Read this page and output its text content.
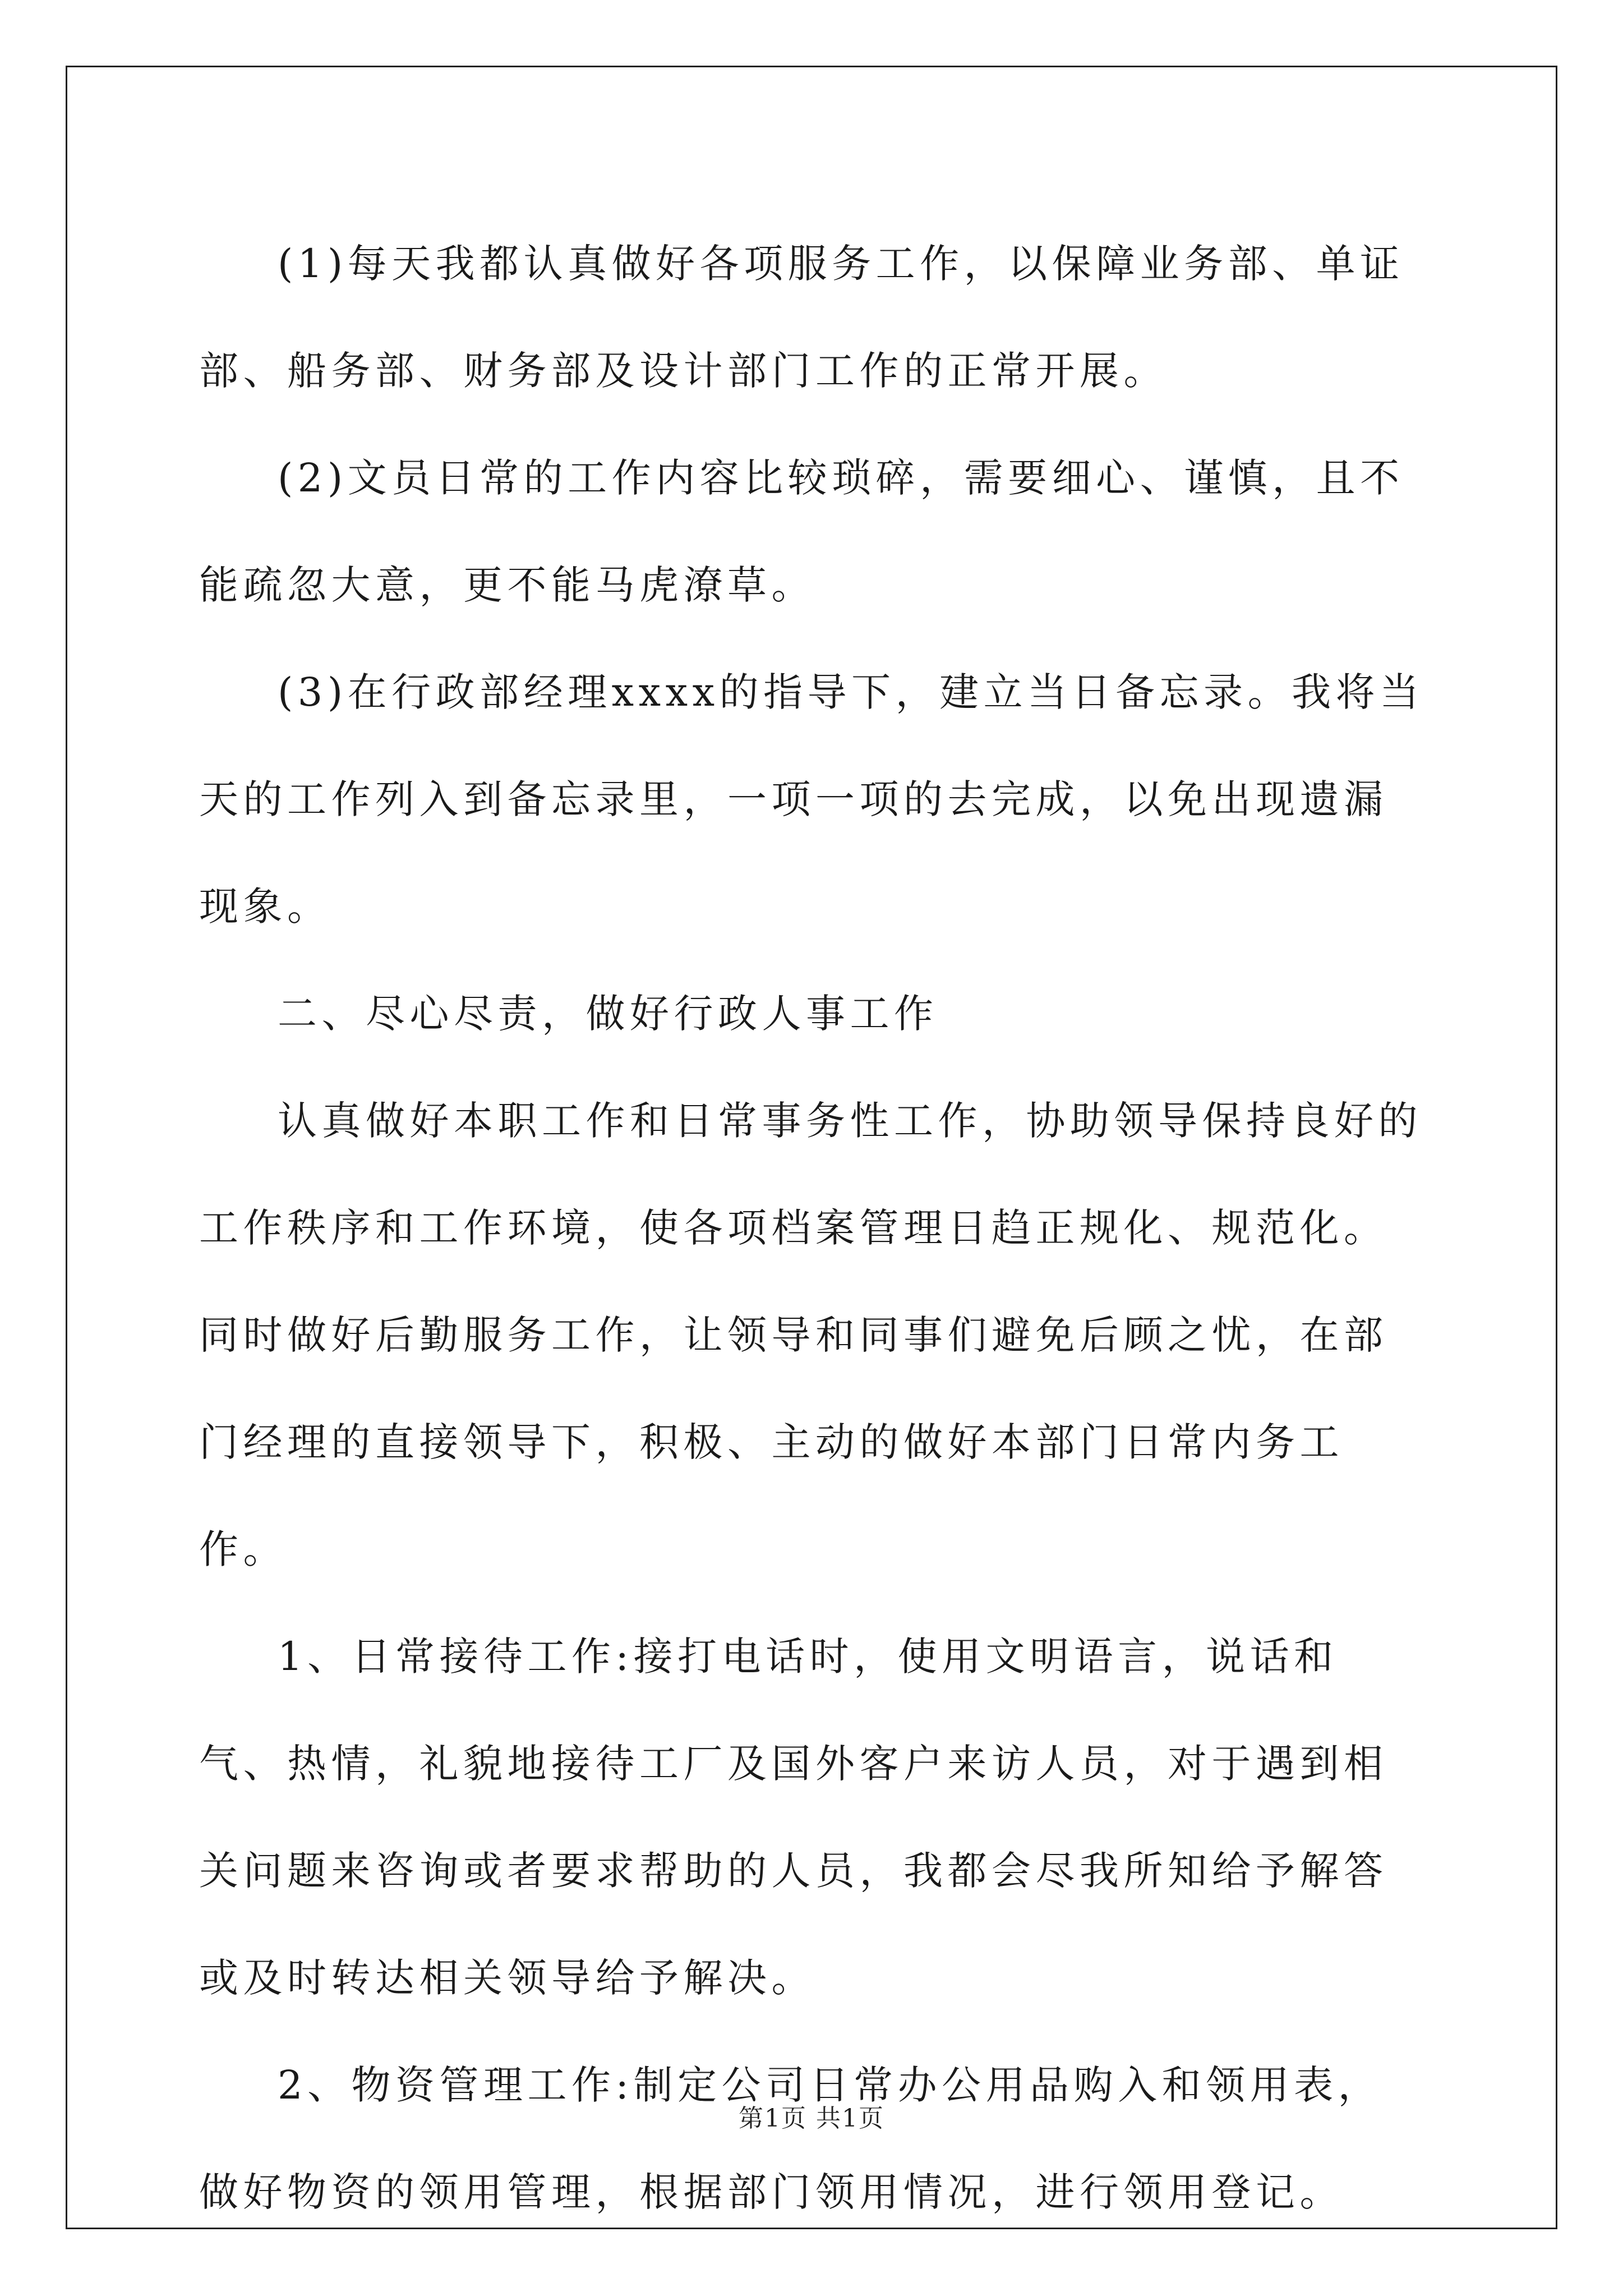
(1)每天我都认真做好各项服务工作，以保障业务部、单证部、船务部、财务部及设计部门工作的正常开展。

(2)文员日常的工作内容比较琐碎，需要细心、谨慎，且不能疏忽大意，更不能马虎潦草。

(3)在行政部经理xxxx的指导下，建立当日备忘录。我将当天的工作列入到备忘录里，一项一项的去完成，以免出现遗漏现象。

二、尽心尽责，做好行政人事工作

认真做好本职工作和日常事务性工作，协助领导保持良好的工作秩序和工作环境，使各项档案管理日趋正规化、规范化。同时做好后勤服务工作，让领导和同事们避免后顾之忧，在部门经理的直接领导下，积极、主动的做好本部门日常内务工作。

1、日常接待工作:接打电话时，使用文明语言，说话和气、热情，礼貌地接待工厂及国外客户来访人员，对于遇到相关问题来咨询或者要求帮助的人员，我都会尽我所知给予解答或及时转达相关领导给予解决。

2、物资管理工作:制定公司日常办公用品购入和领用表，做好物资的领用管理，根据部门领用情况，进行领用登记。

第1页 共1页
